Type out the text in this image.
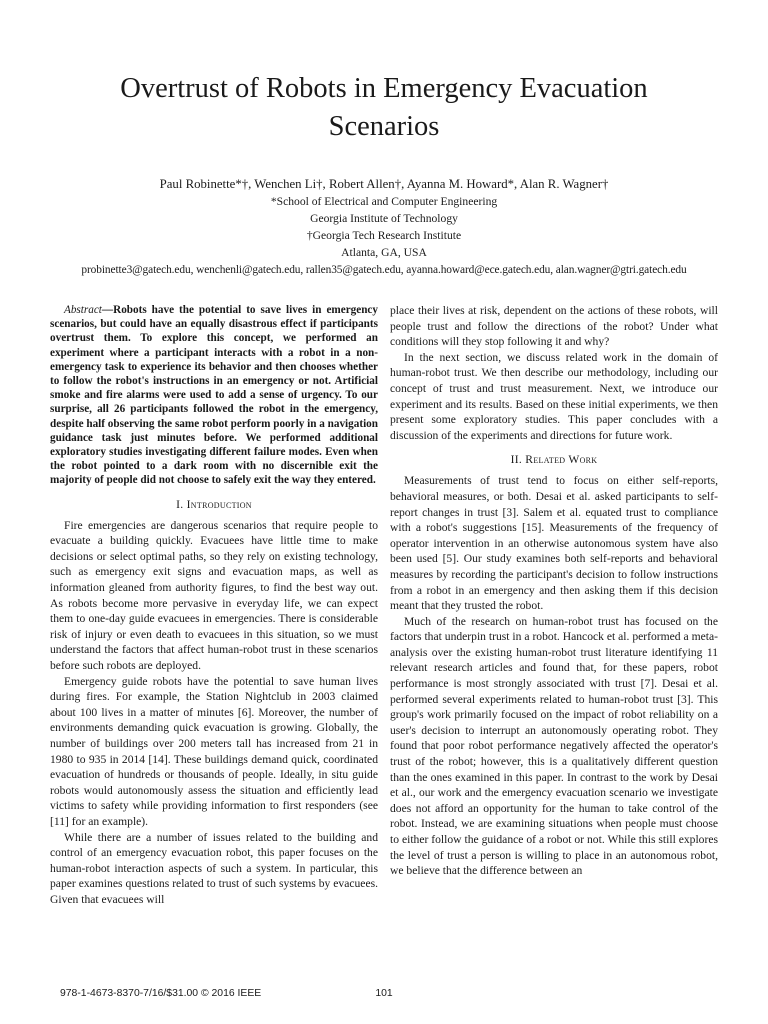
Overtrust of Robots in Emergency Evacuation
Scenarios
Paul Robinette*†, Wenchen Li†, Robert Allen†, Ayanna M. Howard*, Alan R. Wagner†
*School of Electrical and Computer Engineering
Georgia Institute of Technology
†Georgia Tech Research Institute
Atlanta, GA, USA
probinette3@gatech.edu, wenchenli@gatech.edu, rallen35@gatech.edu, ayanna.howard@ece.gatech.edu, alan.wagner@gtri.gatech.edu

Abstract—Robots have the potential to save lives in emergency scenarios, but could have an equally disastrous effect if participants overtrust them. To explore this concept, we performed an experiment where a participant interacts with a robot in a non-emergency task to experience its behavior and then chooses whether to follow the robot's instructions in an emergency or not. Artificial smoke and fire alarms were used to add a sense of urgency. To our surprise, all 26 participants followed the robot in the emergency, despite half observing the same robot perform poorly in a navigation guidance task just minutes before. We performed additional exploratory studies investigating different failure modes. Even when the robot pointed to a dark room with no discernible exit the majority of people did not choose to safely exit the way they entered.

I. Introduction

Fire emergencies are dangerous scenarios that require people to evacuate a building quickly. Evacuees have little time to make decisions or select optimal paths, so they rely on existing technology, such as emergency exit signs and evacuation maps, as well as information gleaned from authority figures, to find the best way out. As robots become more pervasive in everyday life, we can expect them to one-day guide evacuees in emergencies. There is considerable risk of injury or even death to evacuees in this situation, so we must understand the factors that affect human-robot trust in these scenarios before such robots are deployed.

Emergency guide robots have the potential to save human lives during fires. For example, the Station Nightclub in 2003 claimed about 100 lives in a matter of minutes [6]. Moreover, the number of environments demanding quick evacuation is growing. Globally, the number of buildings over 200 meters tall has increased from 21 in 1980 to 935 in 2014 [14]. These buildings demand quick, coordinated evacuation of hundreds or thousands of people. Ideally, in situ guide robots would autonomously assess the situation and efficiently lead victims to safety while providing information to first responders (see [11] for an example).

While there are a number of issues related to the building and control of an emergency evacuation robot, this paper focuses on the human-robot interaction aspects of such a system. In particular, this paper examines questions related to trust of such systems by evacuees. Given that evacuees will

place their lives at risk, dependent on the actions of these robots, will people trust and follow the directions of the robot? Under what conditions will they stop following it and why?

In the next section, we discuss related work in the domain of human-robot trust. We then describe our methodology, including our concept of trust and trust measurement. Next, we introduce our experiment and its results. Based on these initial experiments, we then present some exploratory studies. This paper concludes with a discussion of the experiments and directions for future work.

II. Related Work

Measurements of trust tend to focus on either self-reports, behavioral measures, or both. Desai et al. asked participants to self-report changes in trust [3]. Salem et al. equated trust to compliance with a robot's suggestions [15]. Measurements of the frequency of operator intervention in an otherwise autonomous system have also been used [5]. Our study examines both self-reports and behavioral measures by recording the participant's decision to follow instructions from a robot in an emergency and then asking them if this decision meant that they trusted the robot.

Much of the research on human-robot trust has focused on the factors that underpin trust in a robot. Hancock et al. performed a meta-analysis over the existing human-robot trust literature identifying 11 relevant research articles and found that, for these papers, robot performance is most strongly associated with trust [7]. Desai et al. performed several experiments related to human-robot trust [3]. This group's work primarily focused on the impact of robot reliability on a user's decision to interrupt an autonomously operating robot. They found that poor robot performance negatively affected the operator's trust of the robot; however, this is a qualitatively different question than the ones examined in this paper. In contrast to the work by Desai et al., our work and the emergency evacuation scenario we investigate does not afford an opportunity for the human to take control of the robot. Instead, we are examining situations when people must choose to either follow the guidance of a robot or not. While this still explores the level of trust a person is willing to place in an autonomous robot, we believe that the difference between an

978-1-4673-8370-7/16/$31.00 © 2016 IEEE	101
